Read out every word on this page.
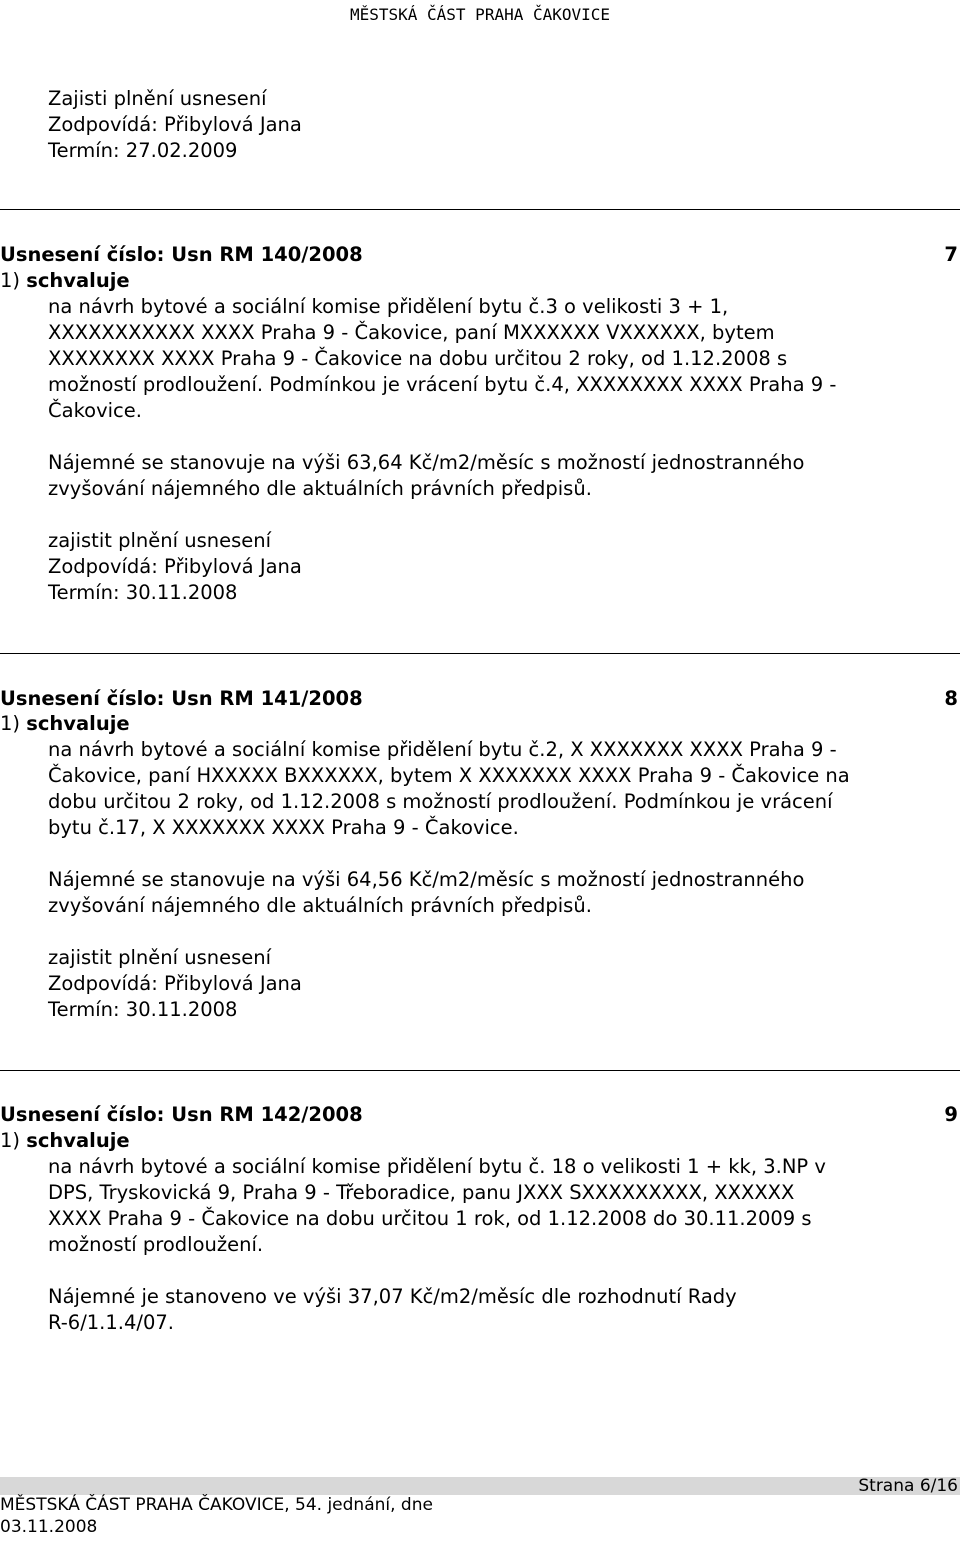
MĚSTSKÁ ČÁST PRAHA ČAKOVICE
Zajisti plnění usnesení
Zodpovídá: Přibylová Jana
Termín: 27.02.2009
Usnesení číslo: Usn RM 140/2008	7
1) schvaluje
na návrh bytové a sociální komise přidělení bytu č.3 o velikosti 3 + 1,
XXXXXXXXXXX XXXX Praha 9 - Čakovice, paní MXXXXXX VXXXXXX, bytem
XXXXXXXX XXXX Praha 9 - Čakovice na dobu určitou 2 roky, od 1.12.2008 s
možností prodloužení. Podmínkou je vrácení bytu č.4, XXXXXXXX XXXX Praha 9 -
Čakovice.
Nájemné se stanovuje na výši 63,64 Kč/m2/měsíc s možností jednostranného
zvyšování nájemného dle aktuálních právních předpisů.
zajistit plnění usnesení
Zodpovídá: Přibylová Jana
Termín: 30.11.2008
Usnesení číslo: Usn RM 141/2008	8
1) schvaluje
na návrh bytové a sociální komise přidělení bytu č.2, X XXXXXXX XXXX Praha 9 -
Čakovice, paní HXXXXX BXXXXXX, bytem X XXXXXXX XXXX Praha 9 - Čakovice na
dobu určitou 2 roky, od 1.12.2008 s možností prodloužení. Podmínkou je vrácení
bytu č.17, X XXXXXXX XXXX Praha 9 - Čakovice.
Nájemné se stanovuje na výši 64,56 Kč/m2/měsíc s možností jednostranného
zvyšování nájemného dle aktuálních právních předpisů.
zajistit plnění usnesení
Zodpovídá: Přibylová Jana
Termín: 30.11.2008
Usnesení číslo: Usn RM 142/2008	9
1) schvaluje
na návrh bytové a sociální komise přidělení bytu č. 18 o velikosti 1 + kk, 3.NP v
DPS, Tryskovická 9, Praha 9 - Třeboradice, panu JXXX SXXXXXXXXX, XXXXXX
XXXX Praha 9 - Čakovice na dobu určitou 1 rok, od 1.12.2008 do 30.11.2009 s
možností prodloužení.
Nájemné je stanoveno ve výši 37,07 Kč/m2/měsíc dle rozhodnutí Rady
R-6/1.1.4/07.
Strana 6/16
MĚSTSKÁ ČÁST PRAHA ČAKOVICE, 54. jednání, dne
03.11.2008
